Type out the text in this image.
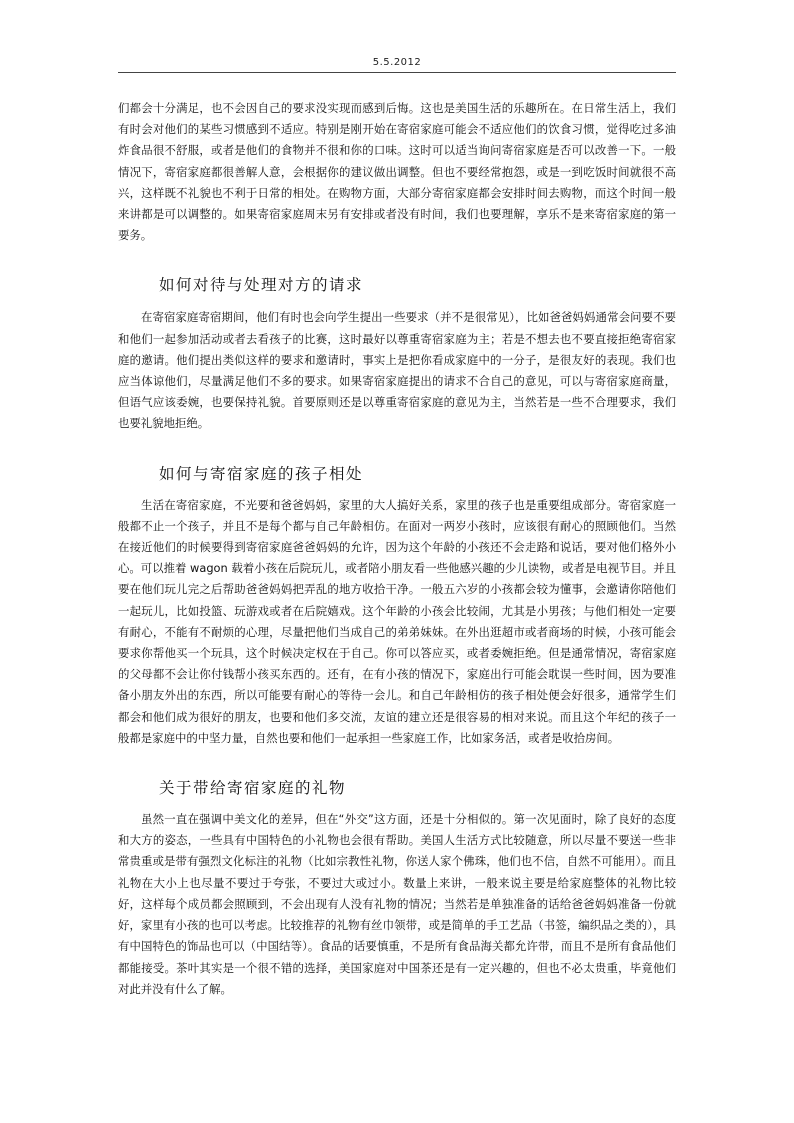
5.5.2012

们都会十分满足，也不会因自己的要求没实现而感到后悔。这也是美国生活的乐趣所在。在日常生活上，我们有时会对他们的某些习惯感到不适应。特别是刚开始在寄宿家庭可能会不适应他们的饮食习惯，觉得吃过多油炸食品很不舒服，或者是他们的食物并不很和你的口味。这时可以适当询问寄宿家庭是否可以改善一下。一般情况下，寄宿家庭都很善解人意，会根据你的建议做出调整。但也不要经常抱怨，或是一到吃饭时间就很不高兴，这样既不礼貌也不利于日常的相处。在购物方面，大部分寄宿家庭都会安排时间去购物，而这个时间一般来讲都是可以调整的。如果寄宿家庭周末另有安排或者没有时间，我们也要理解，享乐不是来寄宿家庭的第一要务。

如何对待与处理对方的请求

在寄宿家庭寄宿期间，他们有时也会向学生提出一些要求（并不是很常见），比如爸爸妈妈通常会问要不要和他们一起参加活动或者去看孩子的比赛，这时最好以尊重寄宿家庭为主；若是不想去也不要直接拒绝寄宿家庭的邀请。他们提出类似这样的要求和邀请时，事实上是把你看成家庭中的一分子，是很友好的表现。我们也应当体谅他们，尽量满足他们不多的要求。如果寄宿家庭提出的请求不合自己的意见，可以与寄宿家庭商量，但语气应该委婉，也要保持礼貌。首要原则还是以尊重寄宿家庭的意见为主，当然若是一些不合理要求，我们也要礼貌地拒绝。

如何与寄宿家庭的孩子相处

生活在寄宿家庭，不光要和爸爸妈妈，家里的大人搞好关系，家里的孩子也是重要组成部分。寄宿家庭一般都不止一个孩子，并且不是每个都与自己年龄相仿。在面对一两岁小孩时，应该很有耐心的照顾他们。当然在接近他们的时候要得到寄宿家庭爸爸妈妈的允许，因为这个年龄的小孩还不会走路和说话，要对他们格外小心。可以推着 wagon 载着小孩在后院玩儿，或者陪小朋友看一些他感兴趣的少儿读物，或者是电视节目。并且要在他们玩儿完之后帮助爸爸妈妈把弄乱的地方收拾干净。一般五六岁的小孩都会较为懂事，会邀请你陪他们一起玩儿，比如投篮、玩游戏或者在后院嬉戏。这个年龄的小孩会比较闹，尤其是小男孩；与他们相处一定要有耐心，不能有不耐烦的心理，尽量把他们当成自己的弟弟妹妹。在外出逛超市或者商场的时候，小孩可能会要求你帮他买一个玩具，这个时候决定权在于自己。你可以答应买，或者委婉拒绝。但是通常情况，寄宿家庭的父母都不会让你付钱帮小孩买东西的。还有，在有小孩的情况下，家庭出行可能会耽误一些时间，因为要准备小朋友外出的东西，所以可能要有耐心的等待一会儿。和自己年龄相仿的孩子相处便会好很多，通常学生们都会和他们成为很好的朋友，也要和他们多交流，友谊的建立还是很容易的相对来说。而且这个年纪的孩子一般都是家庭中的中坚力量，自然也要和他们一起承担一些家庭工作，比如家务活，或者是收拾房间。

关于带给寄宿家庭的礼物

虽然一直在强调中美文化的差异，但在“外交”这方面，还是十分相似的。第一次见面时，除了良好的态度和大方的姿态，一些具有中国特色的小礼物也会很有帮助。美国人生活方式比较随意，所以尽量不要送一些非常贵重或是带有强烈文化标注的礼物（比如宗教性礼物，你送人家个佛珠，他们也不信，自然不可能用）。而且礼物在大小上也尽量不要过于夸张，不要过大或过小。数量上来讲，一般来说主要是给家庭整体的礼物比较好，这样每个成员都会照顾到，不会出现有人没有礼物的情况；当然若是单独准备的话给爸爸妈妈准备一份就好，家里有小孩的也可以考虑。比较推荐的礼物有丝巾领带，或是简单的手工艺品（书签，编织品之类的），具有中国特色的饰品也可以（中国结等）。食品的话要慎重，不是所有食品海关都允许带，而且不是所有食品他们都能接受。茶叶其实是一个很不错的选择，美国家庭对中国茶还是有一定兴趣的，但也不必太贵重，毕竟他们对此并没有什么了解。
